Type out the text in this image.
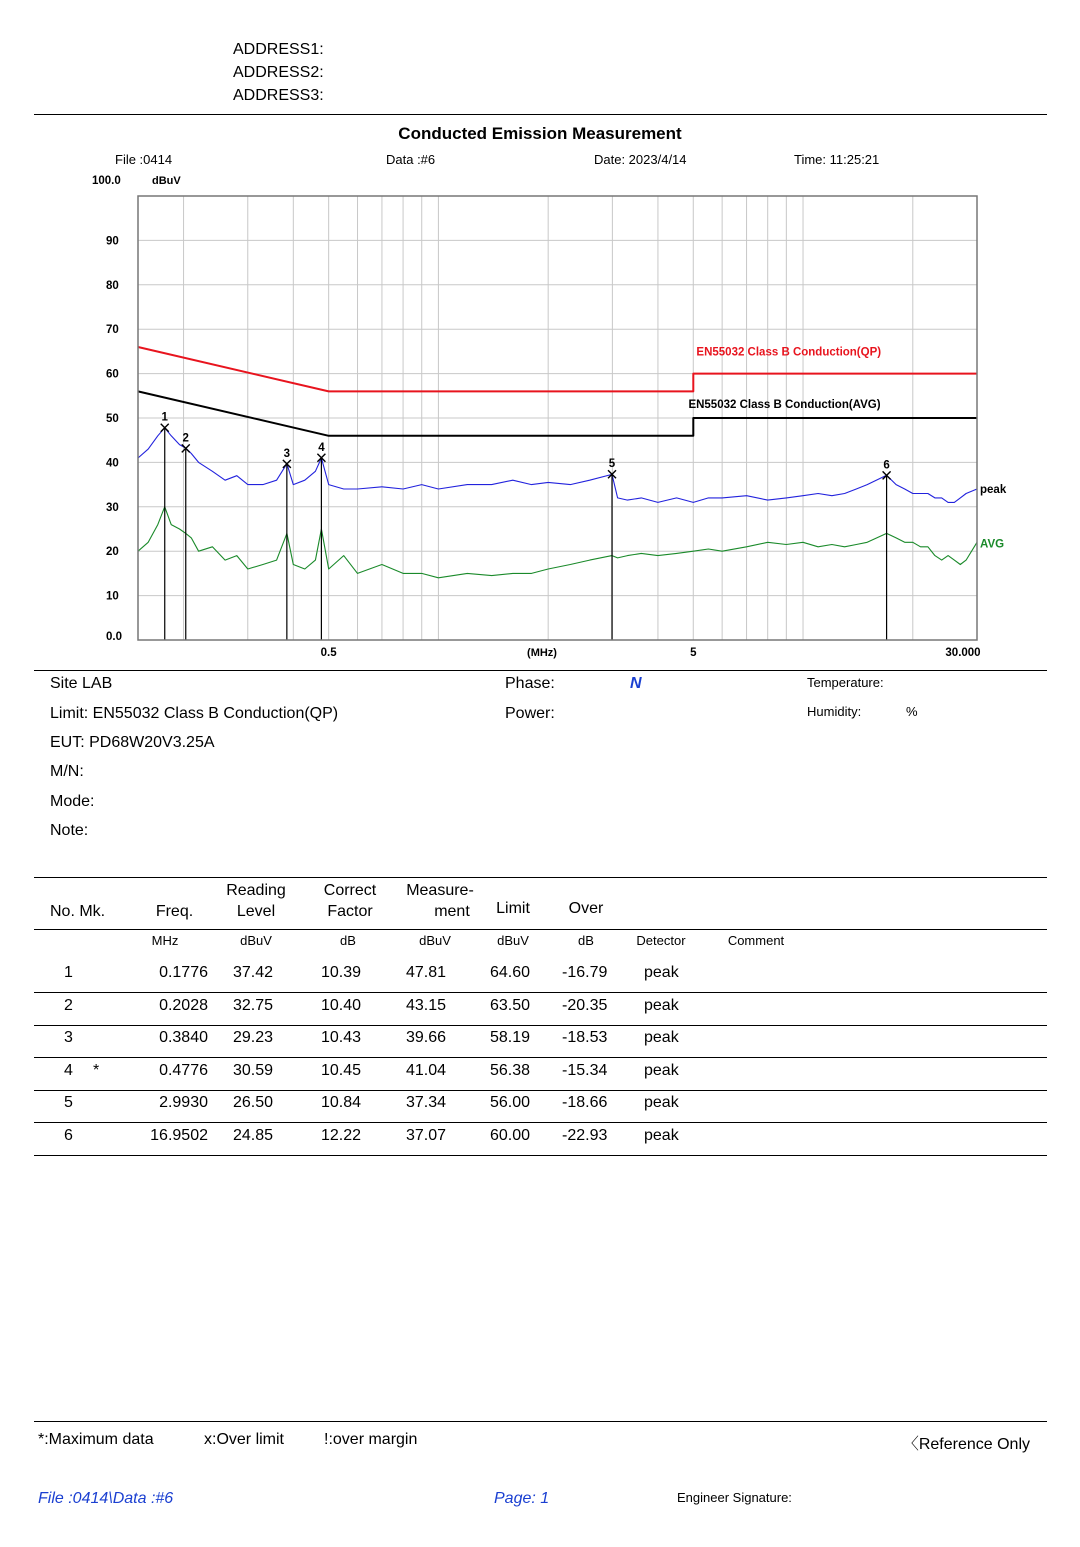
ADDRESS1:
ADDRESS2:
ADDRESS3:
Conducted Emission Measurement
File :0414	Data :#6	Date: 2023/4/14	Time: 11:25:21
1
2
3
4
5	6
100.0
90
80
70
60
50
40
30
20
10
0.0
0.5	5	30.000
dBuV
(MHz)
EN55032 Class B Conduction(QP)
EN55032 Class B Conduction(AVG)
peak
AVG
Site LAB
Limit: EN55032 Class B Conduction(QP)
EUT: PD68W20V3.25A
M/N:
Mode:
Note:
Phase:	N
Power:
Temperature:
Humidity:	%
No. Mk.	Freq.
Reading
Level
Correct
Factor
Measure-
ment	Limit	Over
MHz	dBuV	dB	dBuV	dBuV	dB	Detector	Comment
1	0.1776 37.42	10.39	47.81	64.60 -16.79 peak
2	0.2028 32.75	10.40	43.15	63.50 -20.35 peak
3	0.3840 29.23	10.43	39.66	58.19 -18.53 peak
4 *	0.4776 30.59	10.45	41.04	56.38 -15.34 peak
5	2.9930 26.50	10.84	37.34	56.00 -18.66 peak
6	16.9502 24.85	12.22	37.07	60.00 -22.93 peak
*:Maximum data	x:Over limit	!:over margin	〈Reference Only
File :0414\Data :#6	Page: 1	Engineer Signature:
